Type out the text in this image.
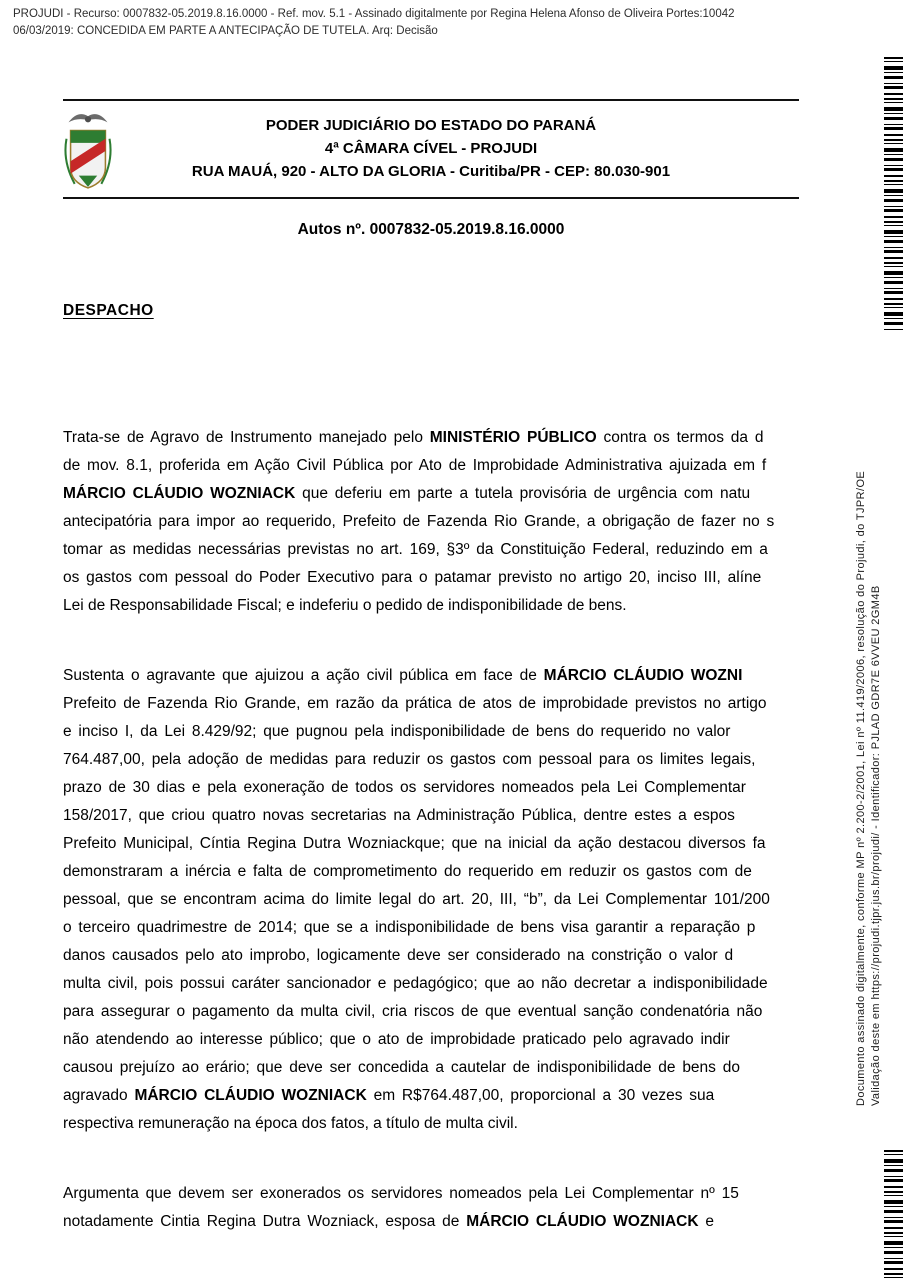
PROJUDI - Recurso: 0007832-05.2019.8.16.0000 - Ref. mov. 5.1 - Assinado digitalmente por Regina Helena Afonso de Oliveira Portes:10042
06/03/2019: CONCEDIDA EM PARTE A ANTECIPAÇÃO DE TUTELA. Arq: Decisão
PODER JUDICIÁRIO DO ESTADO DO PARANÁ
4ª CÂMARA CÍVEL - PROJUDI
RUA MAUÁ, 920 - ALTO DA GLORIA - Curitiba/PR - CEP: 80.030-901
Autos nº. 0007832-05.2019.8.16.0000
DESPACHO
Trata-se de Agravo de Instrumento manejado pelo MINISTÉRIO PÚBLICO contra os termos da d
de mov. 8.1, proferida em Ação Civil Pública por Ato de Improbidade Administrativa ajuizada em f
MÁRCIO CLÁUDIO WOZNIACK que deferiu em parte a tutela provisória de urgência com natu
antecipatória para impor ao requerido, Prefeito de Fazenda Rio Grande, a obrigação de fazer no s
tomar as medidas necessárias previstas no art. 169, §3º da Constituição Federal, reduzindo em a
os gastos com pessoal do Poder Executivo para o patamar previsto no artigo 20, inciso III, alíne
Lei de Responsabilidade Fiscal; e indeferiu o pedido de indisponibilidade de bens.
Sustenta o agravante que ajuizou a ação civil pública em face de MÁRCIO CLÁUDIO WOZNI
Prefeito de Fazenda Rio Grande, em razão da prática de atos de improbidade previstos no artigo
e inciso I, da Lei 8.429/92; que pugnou pela indisponibilidade de bens do requerido no valor
764.487,00, pela adoção de medidas para reduzir os gastos com pessoal para os limites legais,
prazo de 30 dias e pela exoneração de todos os servidores nomeados pela Lei Complementar
158/2017, que criou quatro novas secretarias na Administração Pública, dentre estes a espos
Prefeito Municipal, Cíntia Regina Dutra Wozniackque; que na inicial da ação destacou diversos fa
demonstraram a inércia e falta de comprometimento do requerido em reduzir os gastos com de
pessoal, que se encontram acima do limite legal do art. 20, III, “b”, da Lei Complementar 101/200
o terceiro quadrimestre de 2014; que se a indisponibilidade de bens visa garantir a reparação p
danos causados pelo ato improbo, logicamente deve ser considerado na constrição o valor d
multa civil, pois possui caráter sancionador e pedagógico; que ao não decretar a indisponibilidade
para assegurar o pagamento da multa civil, cria riscos de que eventual sanção condenatória não
não atendendo ao interesse público; que o ato de improbidade praticado pelo agravado indir
causou prejuízo ao erário; que deve ser concedida a cautelar de indisponibilidade de bens do
agravado MÁRCIO CLÁUDIO WOZNIACK em R$764.487,00, proporcional a 30 vezes sua
respectiva remuneração na época dos fatos, a título de multa civil.
Argumenta que devem ser exonerados os servidores nomeados pela Lei Complementar nº 15
notadamente Cintia Regina Dutra Wozniack, esposa de MÁRCIO CLÁUDIO WOZNIACK e
Documento assinado digitalmente, conforme MP nº 2.200-2/2001, Lei nº 11.419/2006, resolução do Projudi, do TJPR/OE Validação deste em https://projudi.tjpr.jus.br/projudi/ - Identificador: PJLAD GDR7E 6VVEU 2GM4B
